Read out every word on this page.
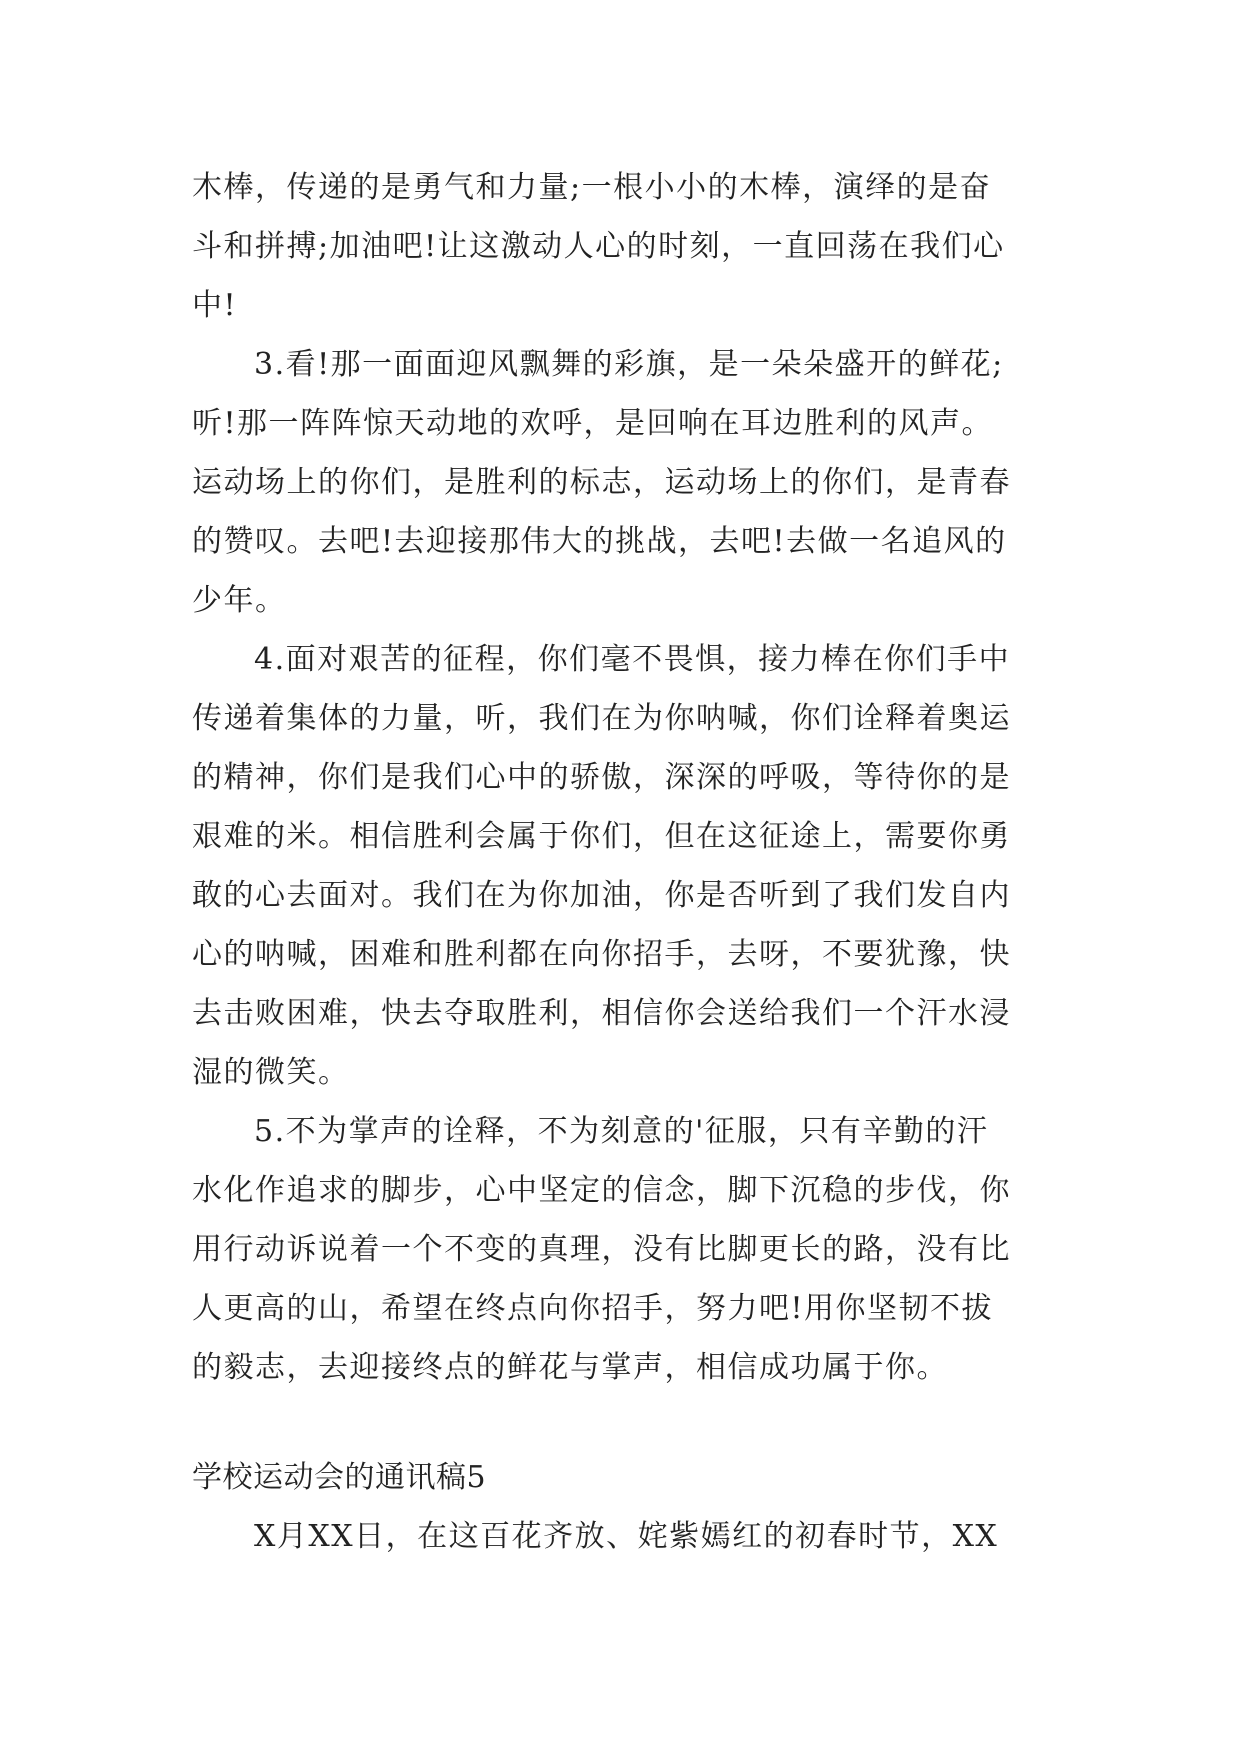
木棒，传递的是勇气和力量;一根小小的木棒，演绎的是奋
斗和拼搏;加油吧!让这激动人心的时刻，一直回荡在我们心
中!

3.看!那一面面迎风飘舞的彩旗，是一朵朵盛开的鲜花;
听!那一阵阵惊天动地的欢呼，是回响在耳边胜利的风声。
运动场上的你们，是胜利的标志，运动场上的你们，是青春
的赞叹。去吧!去迎接那伟大的挑战，去吧!去做一名追风的
少年。

4.面对艰苦的征程，你们毫不畏惧，接力棒在你们手中
传递着集体的力量，听，我们在为你呐喊，你们诠释着奥运
的精神，你们是我们心中的骄傲，深深的呼吸，等待你的是
艰难的米。相信胜利会属于你们，但在这征途上，需要你勇
敢的心去面对。我们在为你加油，你是否听到了我们发自内
心的呐喊，困难和胜利都在向你招手，去呀，不要犹豫，快
去击败困难，快去夺取胜利，相信你会送给我们一个汗水浸
湿的微笑。

5.不为掌声的诠释，不为刻意的'征服，只有辛勤的汗
水化作追求的脚步，心中坚定的信念，脚下沉稳的步伐，你
用行动诉说着一个不变的真理，没有比脚更长的路，没有比
人更高的山，希望在终点向你招手，努力吧!用你坚韧不拔
的毅志，去迎接终点的鲜花与掌声，相信成功属于你。

学校运动会的通讯稿5

X月XX日，在这百花齐放、姹紫嫣红的初春时节，XX
